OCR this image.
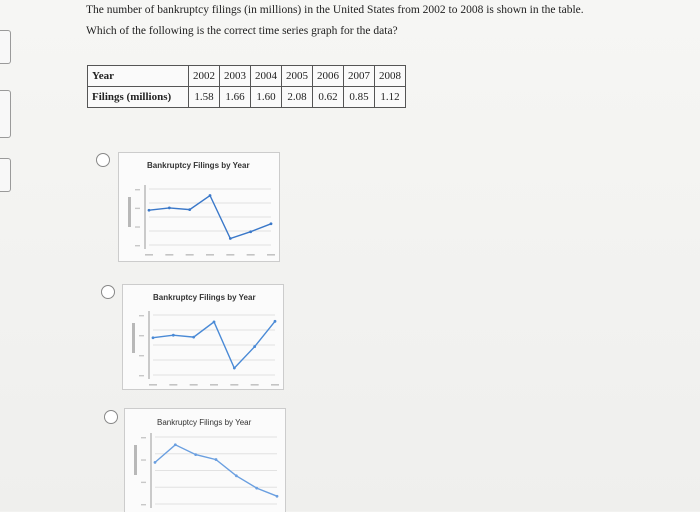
The number of bankruptcy filings (in millions) in the United States from 2002 to 2008 is shown in the table.
Which of the following is the correct time series graph for the data?
Year	2002	2003	2004	2005	2006	2007	2008
Filings (millions)	1.58	1.66	1.60	2.08	0.62	0.85	1.12
Bankruptcy Filings by Year
Bankruptcy Filings by Year
Bankruptcy Filings by Year
